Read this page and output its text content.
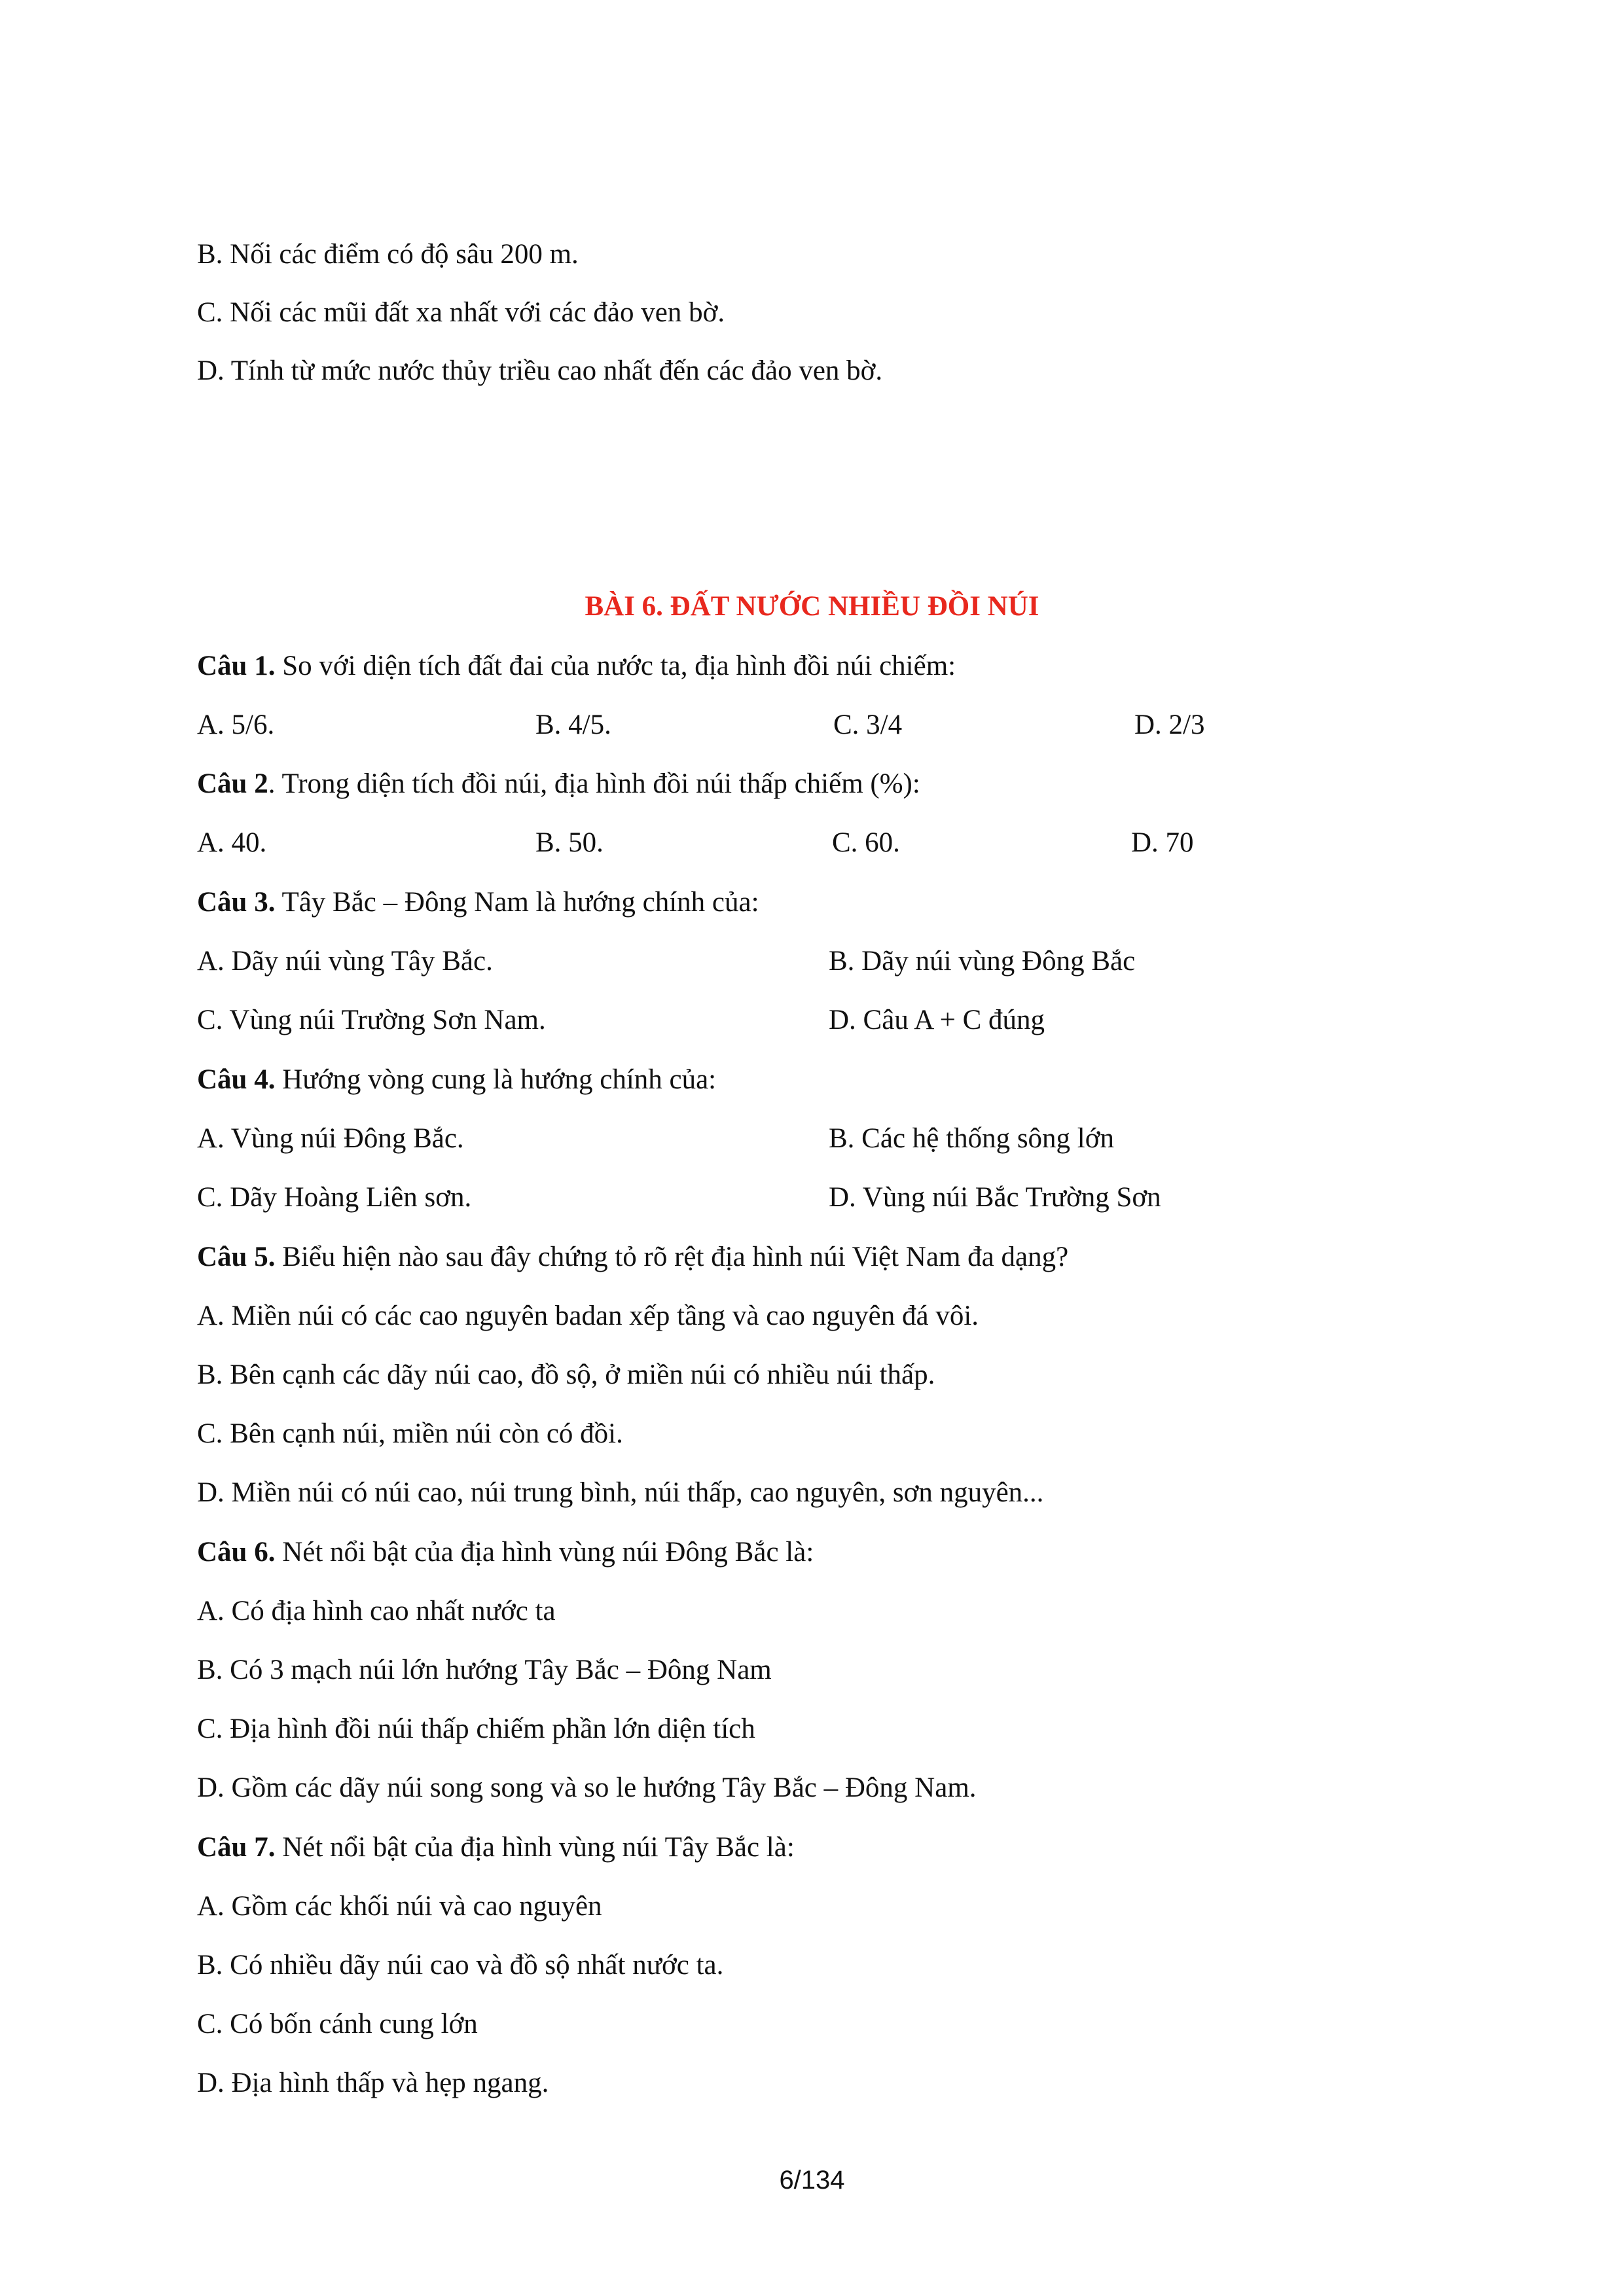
B. Nối các điểm có độ sâu 200 m.
C. Nối các mũi đất xa nhất với các đảo ven bờ.
D. Tính từ mức nước thủy triều cao nhất đến các đảo ven bờ.
BÀI 6. ĐẤT NƯỚC NHIỀU ĐỒI NÚI
Câu 1. So với diện tích đất đai của nước ta, địa hình đồi núi chiếm:
A. 5/6.	B. 4/5.	C. 3/4	D. 2/3
Câu 2. Trong diện tích đồi núi, địa hình đồi núi thấp chiếm (%):
A. 40.	B. 50.	C. 60.	D. 70
Câu 3. Tây Bắc – Đông Nam là hướng chính của:
A. Dãy núi vùng Tây Bắc.	B. Dãy núi vùng Đông Bắc
C. Vùng núi Trường Sơn Nam.	D. Câu A + C đúng
Câu 4. Hướng vòng cung là hướng chính của:
A. Vùng núi Đông Bắc.	B. Các hệ thống sông lớn
C. Dãy Hoàng Liên sơn.	D. Vùng núi Bắc Trường Sơn
Câu 5. Biểu hiện nào sau đây chứng tỏ rõ rệt địa hình núi Việt Nam đa dạng?
A. Miền núi có các cao nguyên badan xếp tầng và cao nguyên đá vôi.
B. Bên cạnh các dãy núi cao, đồ sộ, ở miền núi có nhiều núi thấp.
C. Bên cạnh núi, miền núi còn có đồi.
D. Miền núi có núi cao, núi trung bình, núi thấp, cao nguyên, sơn nguyên...
Câu 6. Nét nổi bật của địa hình vùng núi Đông Bắc là:
A. Có địa hình cao nhất nước ta
B. Có 3 mạch núi lớn hướng Tây Bắc – Đông Nam
C. Địa hình đồi núi thấp chiếm phần lớn diện tích
D. Gồm các dãy núi song song và so le hướng Tây Bắc – Đông Nam.
Câu 7. Nét nổi bật của địa hình vùng núi Tây Bắc là:
A. Gồm các khối núi và cao nguyên
B. Có nhiều dãy núi cao và đồ sộ nhất nước ta.
C. Có bốn cánh cung lớn
D. Địa hình thấp và hẹp ngang.
6/134
